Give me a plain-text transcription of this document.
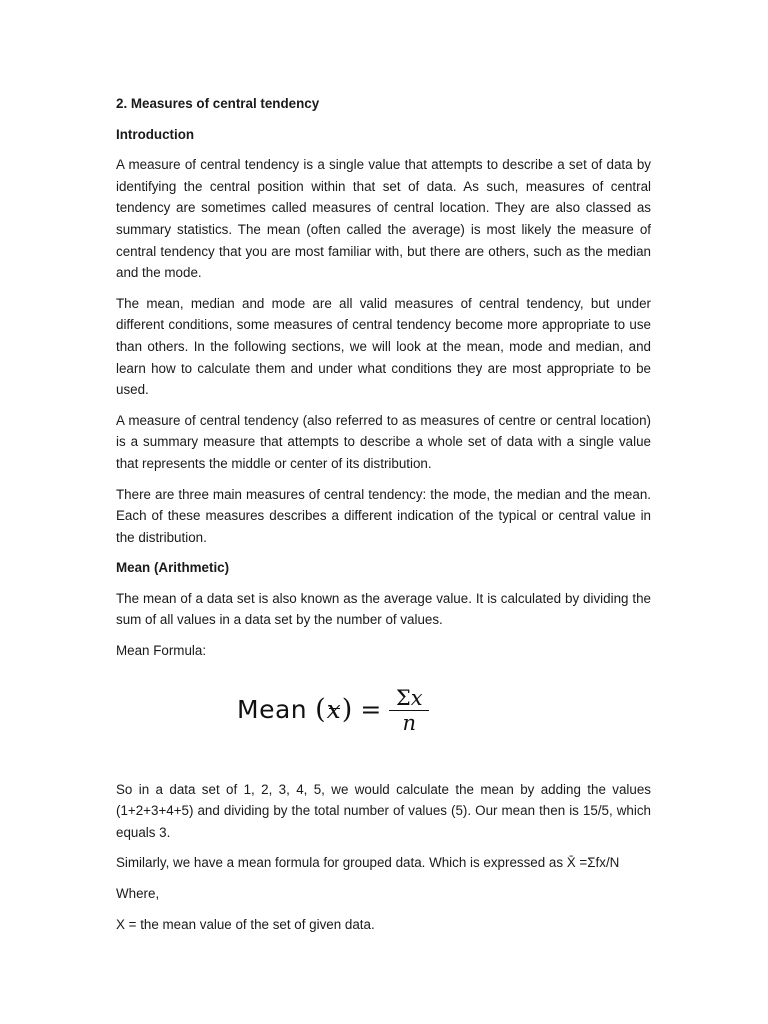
2. Measures of central tendency

Introduction

A measure of central tendency is a single value that attempts to describe a set of data by identifying the central position within that set of data. As such, measures of central tendency are sometimes called measures of central location. They are also classed as summary statistics. The mean (often called the average) is most likely the measure of central tendency that you are most familiar with, but there are others, such as the median and the mode.

The mean, median and mode are all valid measures of central tendency, but under different conditions, some measures of central tendency become more appropriate to use than others. In the following sections, we will look at the mean, mode and median, and learn how to calculate them and under what conditions they are most appropriate to be used.

A measure of central tendency (also referred to as measures of centre or central location) is a summary measure that attempts to describe a whole set of data with a single value that represents the middle or center of its distribution.

There are three main measures of central tendency: the mode, the median and the mean. Each of these measures describes a different indication of the typical or central value in the distribution.

Mean (Arithmetic)

The mean of a data set is also known as the average value. It is calculated by dividing the sum of all values in a data set by the number of values.

Mean Formula:

Mean ( x ) = $\frac{\Sigma x}{n}$

So in a data set of 1, 2, 3, 4, 5, we would calculate the mean by adding the values (1+2+3+4+5) and dividing by the total number of values (5). Our mean then is 15/5, which equals 3.

Similarly, we have a mean formula for grouped data. Which is expressed as X̄ =Σfx/N

Where,

X = the mean value of the set of given data.
